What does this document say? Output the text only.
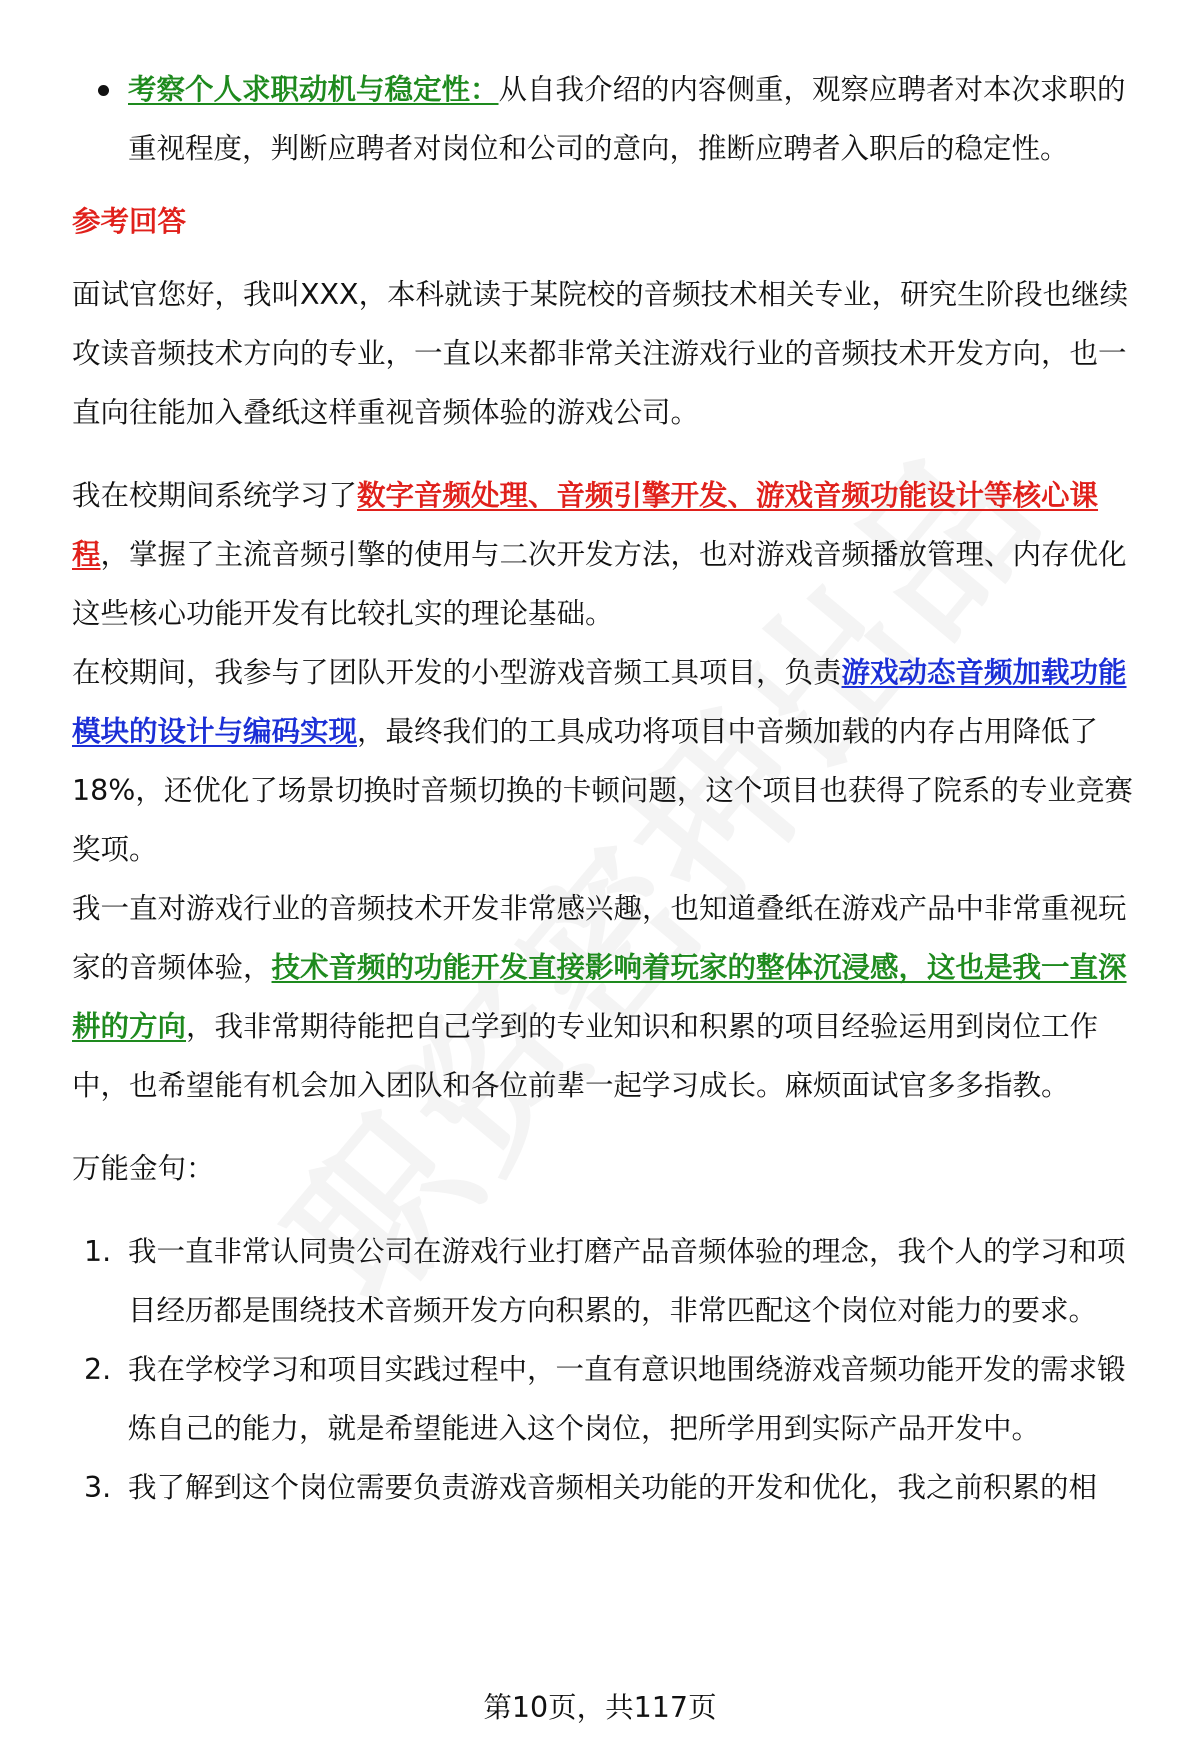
考察个人求职动机与稳定性：从自我介绍的内容侧重，观察应聘者对本次求职的重视程度，判断应聘者对岗位和公司的意向，推断应聘者入职后的稳定性。

参考回答

面试官您好，我叫XXX，本科就读于某院校的音频技术相关专业，研究生阶段也继续攻读音频技术方向的专业，一直以来都非常关注游戏行业的音频技术开发方向，也一直向往能加入叠纸这样重视音频体验的游戏公司。

我在校期间系统学习了数字音频处理、音频引擎开发、游戏音频功能设计等核心课程，掌握了主流音频引擎的使用与二次开发方法，也对游戏音频播放管理、内存优化这些核心功能开发有比较扎实的理论基础。

在校期间，我参与了团队开发的小型游戏音频工具项目，负责游戏动态音频加载功能模块的设计与编码实现，最终我们的工具成功将项目中音频加载的内存占用降低了18%，还优化了场景切换时音频切换的卡顿问题，这个项目也获得了院系的专业竞赛奖项。

我一直对游戏行业的音频技术开发非常感兴趣，也知道叠纸在游戏产品中非常重视玩家的音频体验，技术音频的功能开发直接影响着玩家的整体沉浸感，这也是我一直深耕的方向，我非常期待能把自己学到的专业知识和积累的项目经验运用到岗位工作中，也希望能有机会加入团队和各位前辈一起学习成长。麻烦面试官多多指教。

万能金句：

1. 我一直非常认同贵公司在游戏行业打磨产品音频体验的理念，我个人的学习和项目经历都是围绕技术音频开发方向积累的，非常匹配这个岗位对能力的要求。
2. 我在学校学习和项目实践过程中，一直有意识地围绕游戏音频功能开发的需求锻炼自己的能力，就是希望能进入这个岗位，把所学用到实际产品开发中。
3. 我了解到这个岗位需要负责游戏音频相关功能的开发和优化，我之前积累的相
第10页，共117页
